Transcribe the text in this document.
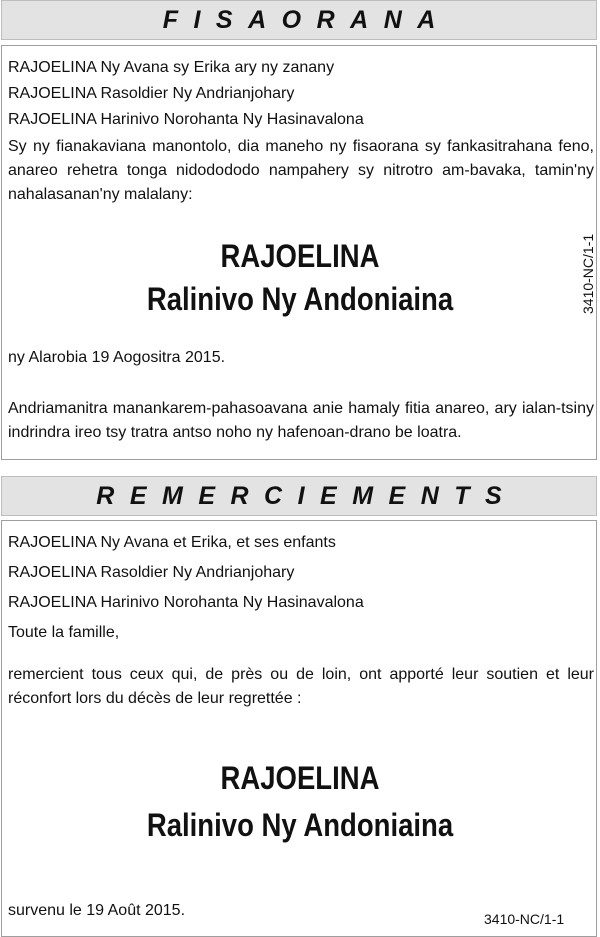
FISAORANA
RAJOELINA Ny Avana sy Erika ary ny zanany
RAJOELINA Rasoldier Ny Andrianjohary
RAJOELINA Harinivo Norohanta Ny Hasinavalona
Sy ny fianakaviana manontolo, dia maneho ny fisaorana sy fankasitrahana feno, anareo rehetra tonga nidodododo nampahery sy nitrotro am-bavaka, tamin'ny nahalasanan'ny malalany:
RAJOELINA
Ralinivo Ny Andoniaina	3410-NC/1-1
ny Alarobia 19 Aogositra 2015.
Andriamanitra manankarem-pahasoavana anie hamaly fitia anareo, ary ialan-tsiny indrindra ireo tsy tratra antso noho ny hafenoan-drano be loatra.
REMERCIEMENTS
RAJOELINA Ny Avana et Erika, et ses enfants
RAJOELINA Rasoldier Ny Andrianjohary
RAJOELINA Harinivo Norohanta Ny Hasinavalona
Toute la famille,
remercient tous ceux qui, de près ou de loin, ont apporté leur soutien et leur réconfort lors du décès de leur regrettée :
RAJOELINA
Ralinivo Ny Andoniaina
survenu le 19 Août 2015.	3410-NC/1-1
